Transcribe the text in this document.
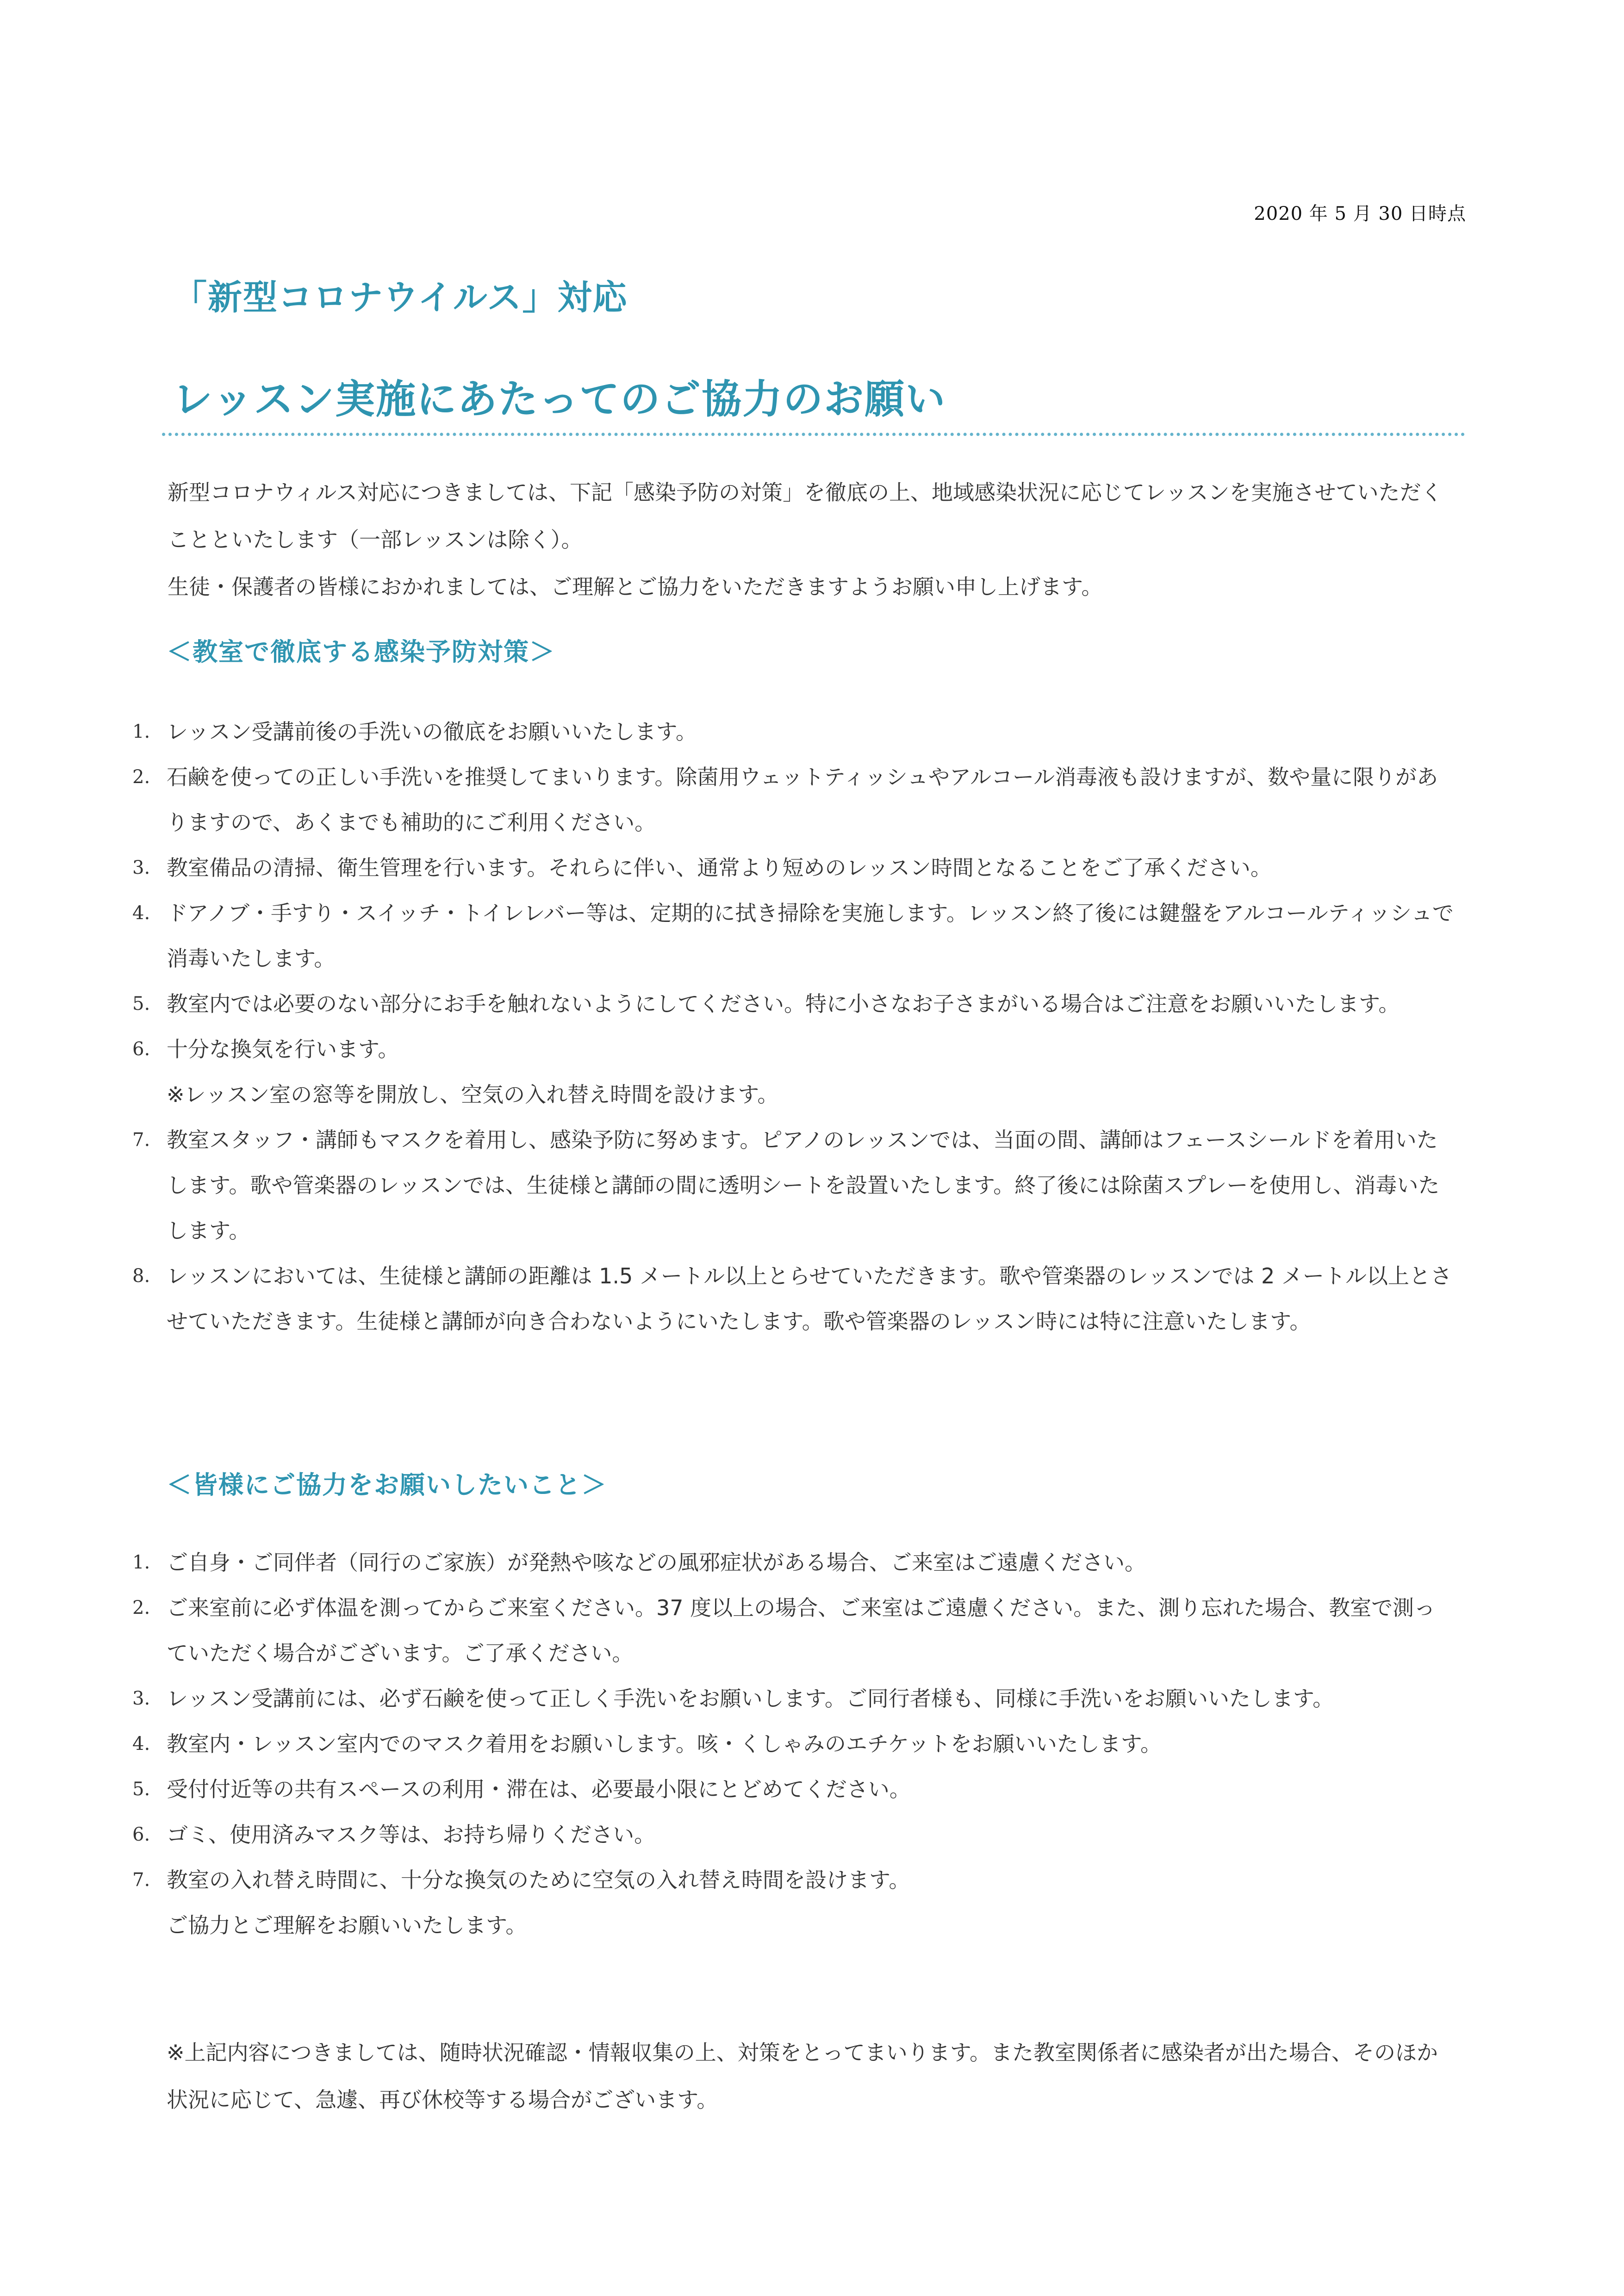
2020 年 5 月 30 日時点
「新型コロナウイルス」対応
レッスン実施にあたってのご協力のお願い

新型コロナウィルス対応につきましては、下記「感染予防の対策」を徹底の上、地域感染状況に応じてレッスンを実施させていただくことといたします（一部レッスンは除く）。

生徒・保護者の皆様におかれましては、ご理解とご協力をいただきますようお願い申し上げます。

＜教室で徹底する感染予防対策＞
1. レッスン受講前後の手洗いの徹底をお願いいたします。
2. 石鹸を使っての正しい手洗いを推奨してまいります。除菌用ウェットティッシュやアルコール消毒液も設けますが、数や量に限りがありますので、あくまでも補助的にご利用ください。
3. 教室備品の清掃、衛生管理を行います。それらに伴い、通常より短めのレッスン時間となることをご了承ください。
4. ドアノブ・手すり・スイッチ・トイレレバー等は、定期的に拭き掃除を実施します。レッスン終了後には鍵盤をアルコールティッシュで消毒いたします。
5. 教室内では必要のない部分にお手を触れないようにしてください。特に小さなお子さまがいる場合はご注意をお願いいたします。
6. 十分な換気を行います。
※レッスン室の窓等を開放し、空気の入れ替え時間を設けます。
7. 教室スタッフ・講師もマスクを着用し、感染予防に努めます。ピアノのレッスンでは、当面の間、講師はフェースシールドを着用いたします。歌や管楽器のレッスンでは、生徒様と講師の間に透明シートを設置いたします。終了後には除菌スプレーを使用し、消毒いたします。
8. レッスンにおいては、生徒様と講師の距離は 1.5 メートル以上とらせていただきます。歌や管楽器のレッスンでは 2 メートル以上とさせていただきます。生徒様と講師が向き合わないようにいたします。歌や管楽器のレッスン時には特に注意いたします。
＜皆様にご協力をお願いしたいこと＞
1. ご自身・ご同伴者（同行のご家族）が発熱や咳などの風邪症状がある場合、ご来室はご遠慮ください。
2. ご来室前に必ず体温を測ってからご来室ください。37 度以上の場合、ご来室はご遠慮ください。また、測り忘れた場合、教室で測っていただく場合がございます。ご了承ください。
3. レッスン受講前には、必ず石鹸を使って正しく手洗いをお願いします。ご同行者様も、同様に手洗いをお願いいたします。
4. 教室内・レッスン室内でのマスク着用をお願いします。咳・くしゃみのエチケットをお願いいたします。
5. 受付付近等の共有スペースの利用・滞在は、必要最小限にとどめてください。
6. ゴミ、使用済みマスク等は、お持ち帰りください。
7. 教室の入れ替え時間に、十分な換気のために空気の入れ替え時間を設けます。
ご協力とご理解をお願いいたします。
※上記内容につきましては、随時状況確認・情報収集の上、対策をとってまいります。また教室関係者に感染者が出た場合、そのほか状況に応じて、急遽、再び休校等する場合がございます。
